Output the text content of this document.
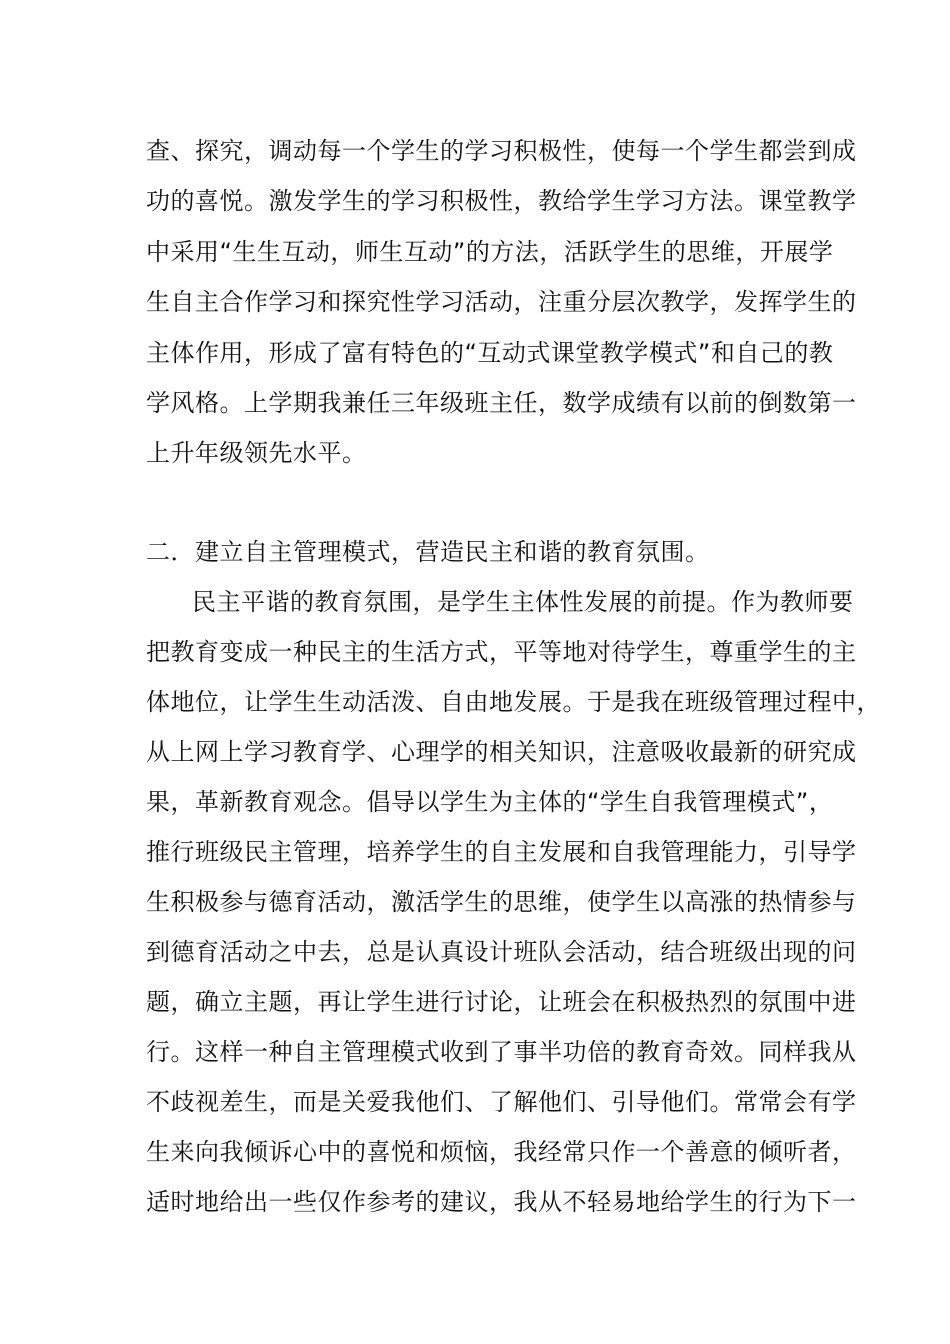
查、探究，调动每一个学生的学习积极性，使每一个学生都尝到成
功的喜悦。激发学生的学习积极性，教给学生学习方法。课堂教学
中采用“生生互动，师生互动”的方法，活跃学生的思维，开展学
生自主合作学习和探究性学习活动，注重分层次教学，发挥学生的
主体作用，形成了富有特色的“互动式课堂教学模式”和自己的教
学风格。上学期我兼任三年级班主任，数学成绩有以前的倒数第一
上升年级领先水平。
二．建立自主管理模式，营造民主和谐的教育氛围。
民主平谐的教育氛围，是学生主体性发展的前提。作为教师要
把教育变成一种民主的生活方式，平等地对待学生，尊重学生的主
体地位，让学生生动活泼、自由地发展。于是我在班级管理过程中，
从上网上学习教育学、心理学的相关知识，注意吸收最新的研究成
果，革新教育观念。倡导以学生为主体的“学生自我管理模式”，
推行班级民主管理，培养学生的自主发展和自我管理能力，引导学
生积极参与德育活动，激活学生的思维，使学生以高涨的热情参与
到德育活动之中去，总是认真设计班队会活动，结合班级出现的问
题，确立主题，再让学生进行讨论，让班会在积极热烈的氛围中进
行。这样一种自主管理模式收到了事半功倍的教育奇效。同样我从
不歧视差生，而是关爱我他们、了解他们、引导他们。常常会有学
生来向我倾诉心中的喜悦和烦恼，我经常只作一个善意的倾听者，
适时地给出一些仅作参考的建议，我从不轻易地给学生的行为下一
